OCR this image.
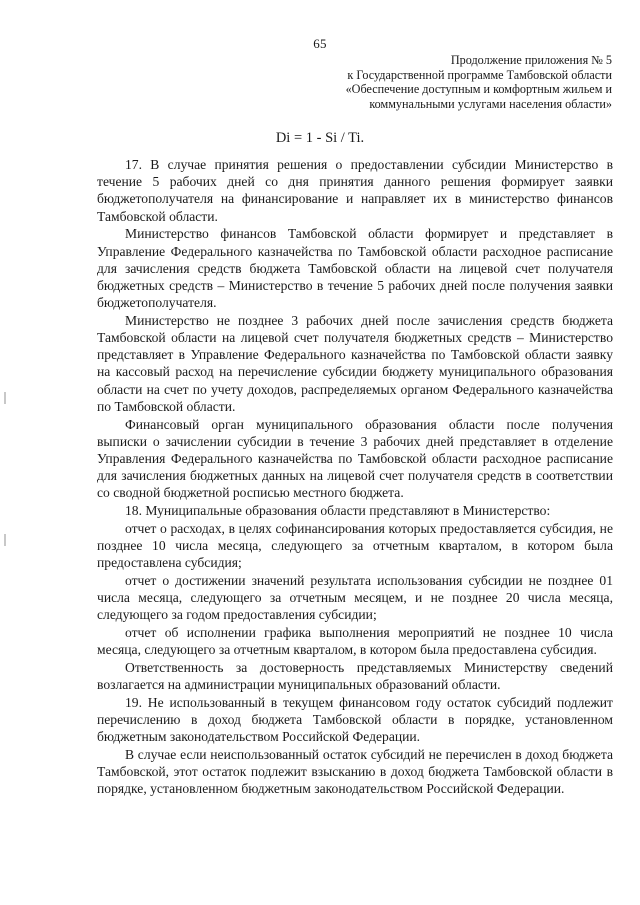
65
Продолжение приложения № 5
к Государственной программе Тамбовской области
«Обеспечение доступным и комфортным жильем и
коммунальными услугами населения области»
Di = 1 - Si / Ti.

17. В случае принятия решения о предоставлении субсидии Министерство в течение 5 рабочих дней со дня принятия данного решения формирует заявки бюджетополучателя на финансирование и направляет их в министерство финансов Тамбовской области.

Министерство финансов Тамбовской области формирует и представляет в Управление Федерального казначейства по Тамбовской области расходное расписание для зачисления средств бюджета Тамбовской области на лицевой счет получателя бюджетных средств – Министерство в течение 5 рабочих дней после получения заявки бюджетополучателя.

Министерство не позднее 3 рабочих дней после зачисления средств бюджета Тамбовской области на лицевой счет получателя бюджетных средств – Министерство представляет в Управление Федерального казначейства по Тамбовской области заявку на кассовый расход на перечисление субсидии бюджету муниципального образования области на счет по учету доходов, распределяемых органом Федерального казначейства по Тамбовской области.

Финансовый орган муниципального образования области после получения выписки о зачислении субсидии в течение 3 рабочих дней представляет в отделение Управления Федерального казначейства по Тамбовской области расходное расписание для зачисления бюджетных данных на лицевой счет получателя средств в соответствии со сводной бюджетной росписью местного бюджета.

18. Муниципальные образования области представляют в Министерство:

отчет о расходах, в целях софинансирования которых предоставляется субсидия, не позднее 10 числа месяца, следующего за отчетным кварталом, в котором была предоставлена субсидия;

отчет о достижении значений результата использования субсидии не позднее 01 числа месяца, следующего за отчетным месяцем, и не позднее 20 числа месяца, следующего за годом предоставления субсидии;

отчет об исполнении графика выполнения мероприятий не позднее 10 числа месяца, следующего за отчетным кварталом, в котором была предоставлена субсидия.

Ответственность за достоверность представляемых Министерству сведений возлагается на администрации муниципальных образований области.

19. Не использованный в текущем финансовом году остаток субсидий подлежит перечислению в доход бюджета Тамбовской области в порядке, установленном бюджетным законодательством Российской Федерации.

В случае если неиспользованный остаток субсидий не перечислен в доход бюджета Тамбовской, этот остаток подлежит взысканию в доход бюджета Тамбовской области в порядке, установленном бюджетным законодательством Российской Федерации.
